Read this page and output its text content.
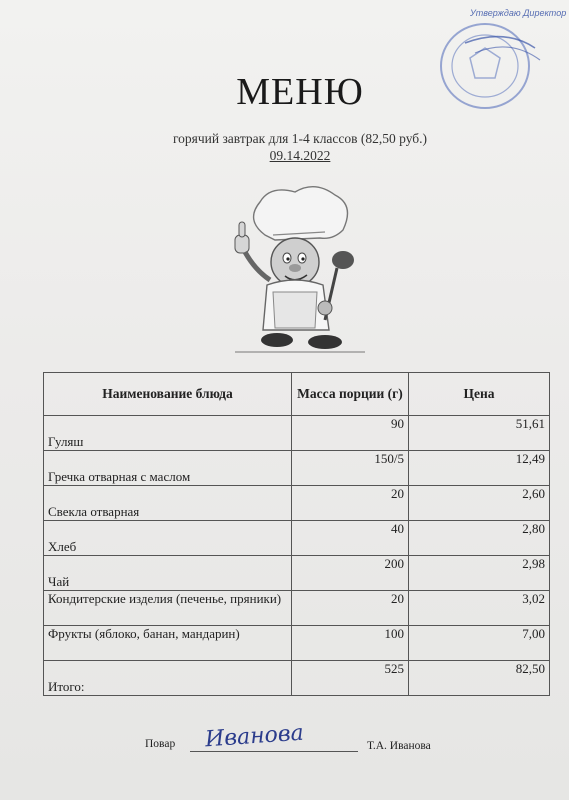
Утверждаю Директор
МЕНЮ
горячий завтрак для 1-4 классов (82,50 руб.)
09.14.2022
Наименование блюда	Масса порции (г)	Цена
Гуляш	90	51,61
Гречка отварная с маслом	150/5	12,49
Свекла отварная	20	2,60
Хлеб	40	2,80
Чай	200	2,98
Кондитерские изделия (печенье, пряники)	20	3,02
Фрукты (яблоко, банан, мандарин)	100	7,00
Итого:	525	82,50
Повар Иванова	Т.А. Иванова
